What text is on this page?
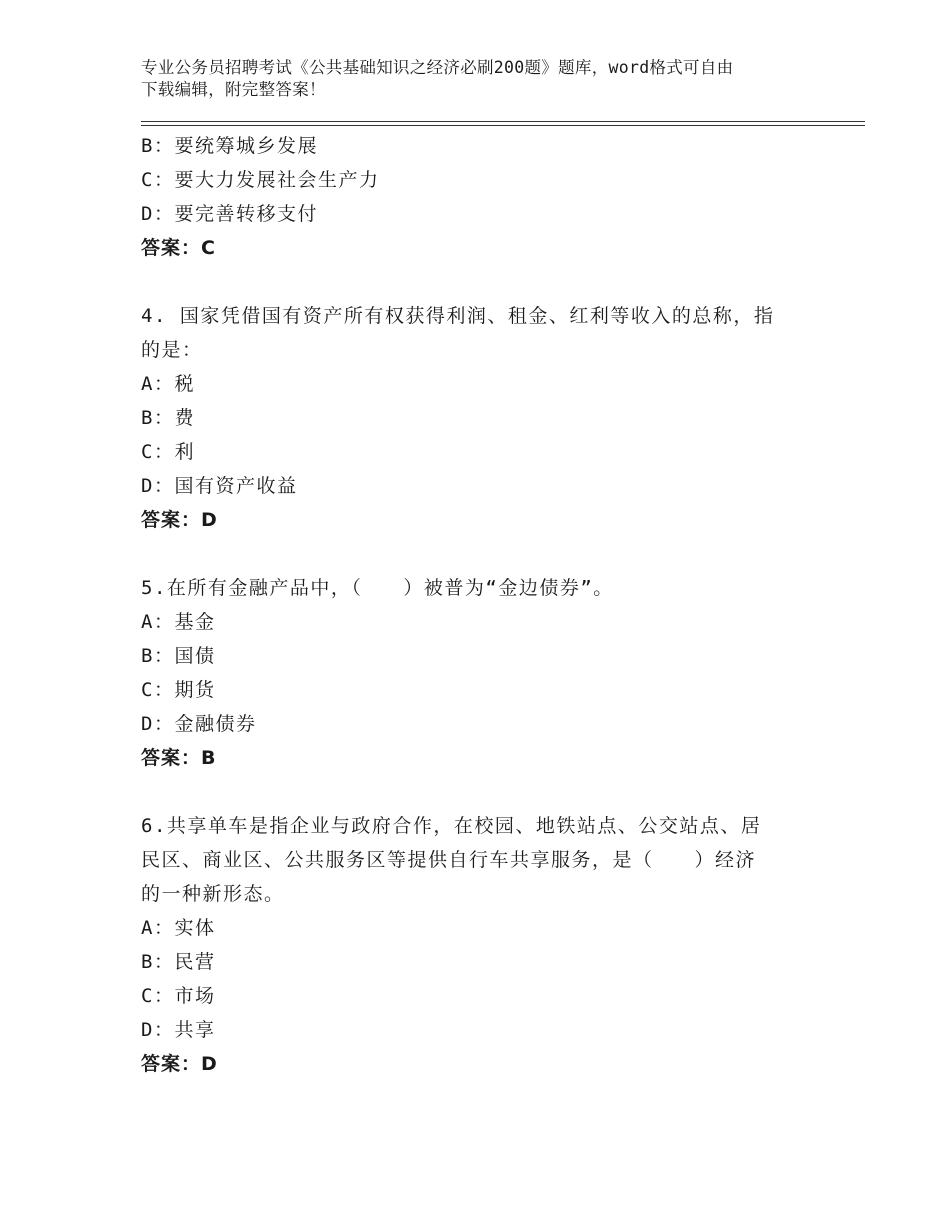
专业公务员招聘考试《公共基础知识之经济必刷200题》题库，word格式可自由
下载编辑，附完整答案！
B：要统筹城乡发展
C：要大力发展社会生产力
D：要完善转移支付
答案：C
4. 国家凭借国有资产所有权获得利润、租金、红利等收入的总称，指
的是：
A：税
B：费
C：利
D：国有资产收益
答案：D
5.在所有金融产品中，（　　）被普为“金边债券”。
A：基金
B：国债
C：期货
D：金融债券
答案：B
6.共享单车是指企业与政府合作，在校园、地铁站点、公交站点、居
民区、商业区、公共服务区等提供自行车共享服务，是（　　）经济
的一种新形态。
A：实体
B：民营
C：市场
D：共享
答案：D
